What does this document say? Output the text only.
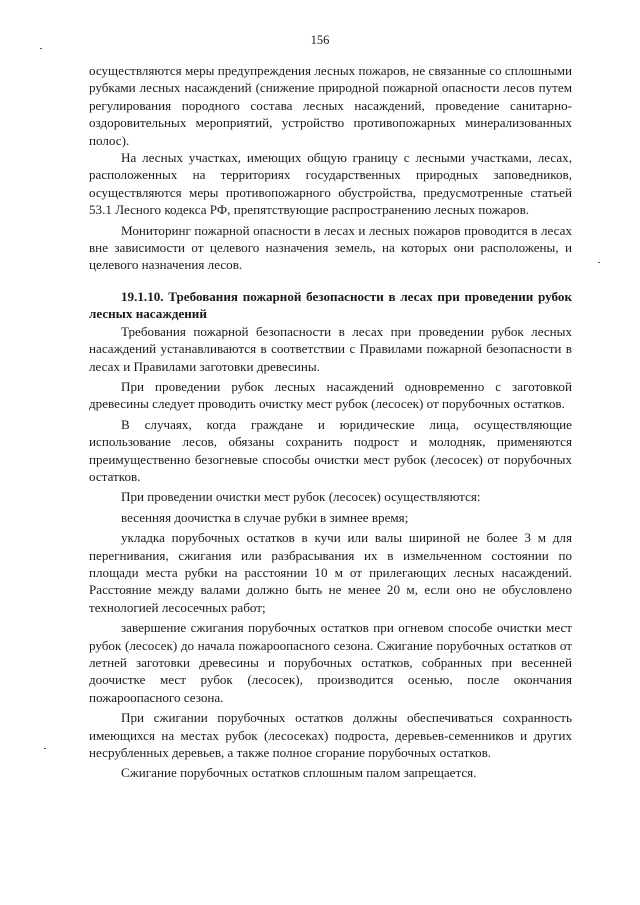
156

осуществляются меры предупреждения лесных пожаров, не связанные со сплошными рубками лесных насаждений (снижение природной пожарной опасности лесов путем регулирования породного состава лесных насаждений, проведение санитарно-оздоровительных мероприятий, устройство противопожарных минерализованных полос).

На лесных участках, имеющих общую границу с лесными участками, лесах, расположенных на территориях государственных природных заповедников, осуществляются меры противопожарного обустройства, предусмотренные статьей 53.1 Лесного кодекса РФ, препятствующие распространению лесных пожаров.

Мониторинг пожарной опасности в лесах и лесных пожаров проводится в лесах вне зависимости от целевого назначения земель, на которых они расположены, и целевого назначения лесов.

19.1.10. Требования пожарной безопасности в лесах при проведении рубок лесных насаждений

Требования пожарной безопасности в лесах при проведении рубок лесных насаждений устанавливаются в соответствии с Правилами пожарной безопасности в лесах и Правилами заготовки древесины.

При проведении рубок лесных насаждений одновременно с заготовкой древесины следует проводить очистку мест рубок (лесосек) от порубочных остатков.

В случаях, когда граждане и юридические лица, осуществляющие использование лесов, обязаны сохранить подрост и молодняк, применяются преимущественно безогневые способы очистки мест рубок (лесосек) от порубочных остатков.

При проведении очистки мест рубок (лесосек) осуществляются:

весенняя доочистка в случае рубки в зимнее время;

укладка порубочных остатков в кучи или валы шириной не более 3 м для перегнивания, сжигания или разбрасывания их в измельченном состоянии по площади места рубки на расстоянии 10 м от прилегающих лесных насаждений. Расстояние между валами должно быть не менее 20 м, если оно не обусловлено технологией лесосечных работ;

завершение сжигания порубочных остатков при огневом способе очистки мест рубок (лесосек) до начала пожароопасного сезона. Сжигание порубочных остатков от летней заготовки древесины и порубочных остатков, собранных при весенней доочистке мест рубок (лесосек), производится осенью, после окончания пожароопасного сезона.

При сжигании порубочных остатков должны обеспечиваться сохранность имеющихся на местах рубок (лесосеках) подроста, деревьев-семенников и других несрубленных деревьев, а также полное сгорание порубочных остатков.

Сжигание порубочных остатков сплошным палом запрещается.
